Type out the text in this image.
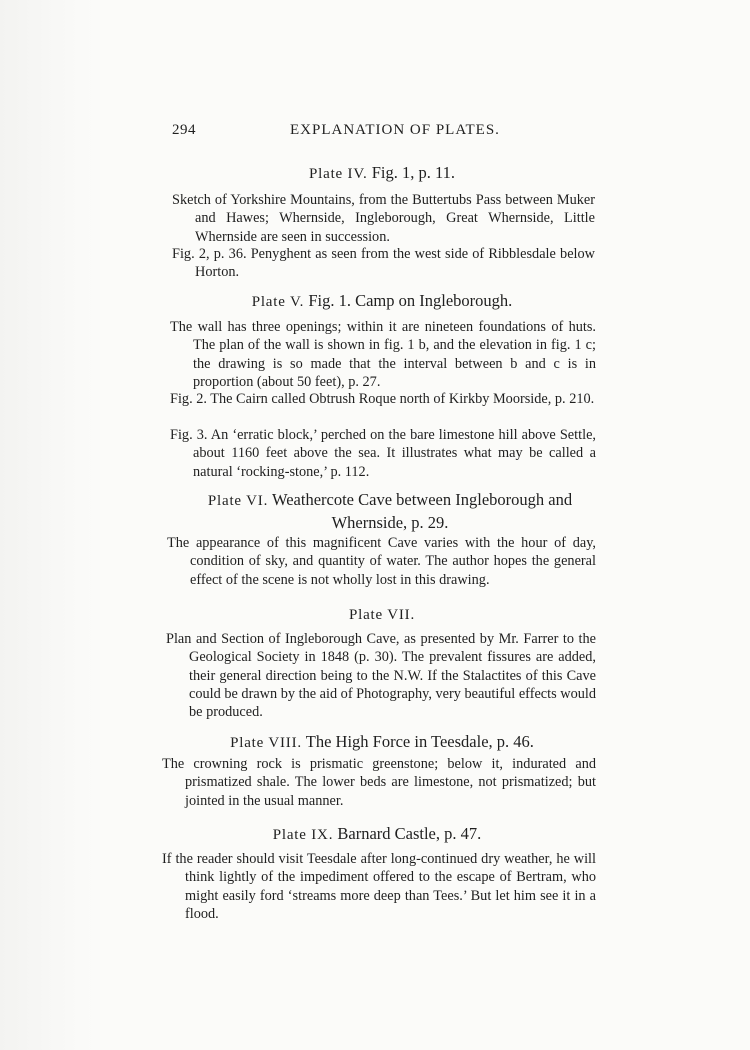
294	EXPLANATION OF PLATES.
Plate IV. Fig. 1, p. 11.
Sketch of Yorkshire Mountains, from the Buttertubs Pass between Muker and Hawes; Whernside, Ingleborough, Great Whernside, Little Whernside are seen in succession.
Fig. 2, p. 36. Penyghent as seen from the west side of Ribblesdale below Horton.
Plate V. Fig. 1. Camp on Ingleborough.
The wall has three openings; within it are nineteen foundations of huts. The plan of the wall is shown in fig. 1 b, and the elevation in fig. 1 c; the drawing is so made that the interval between b and c is in proportion (about 50 feet), p. 27.
Fig. 2. The Cairn called Obtrush Roque north of Kirkby Moorside, p. 210.
Fig. 3. An ‘erratic block,’ perched on the bare limestone hill above Settle, about 1160 feet above the sea. It illustrates what may be called a natural ‘rocking-stone,’ p. 112.
Plate VI. Weathercote Cave between Ingleborough and Whernside, p. 29.
The appearance of this magnificent Cave varies with the hour of day, condition of sky, and quantity of water. The author hopes the general effect of the scene is not wholly lost in this drawing.
Plate VII.
Plan and Section of Ingleborough Cave, as presented by Mr. Farrer to the Geological Society in 1848 (p. 30). The prevalent fissures are added, their general direction being to the N.W. If the Stalactites of this Cave could be drawn by the aid of Photography, very beautiful effects would be produced.
Plate VIII. The High Force in Teesdale, p. 46.
The crowning rock is prismatic greenstone; below it, indurated and prismatized shale. The lower beds are limestone, not prismatized; but jointed in the usual manner.
Plate IX. Barnard Castle, p. 47.
If the reader should visit Teesdale after long-continued dry weather, he will think lightly of the impediment offered to the escape of Bertram, who might easily ford ‘streams more deep than Tees.’ But let him see it in a flood.
